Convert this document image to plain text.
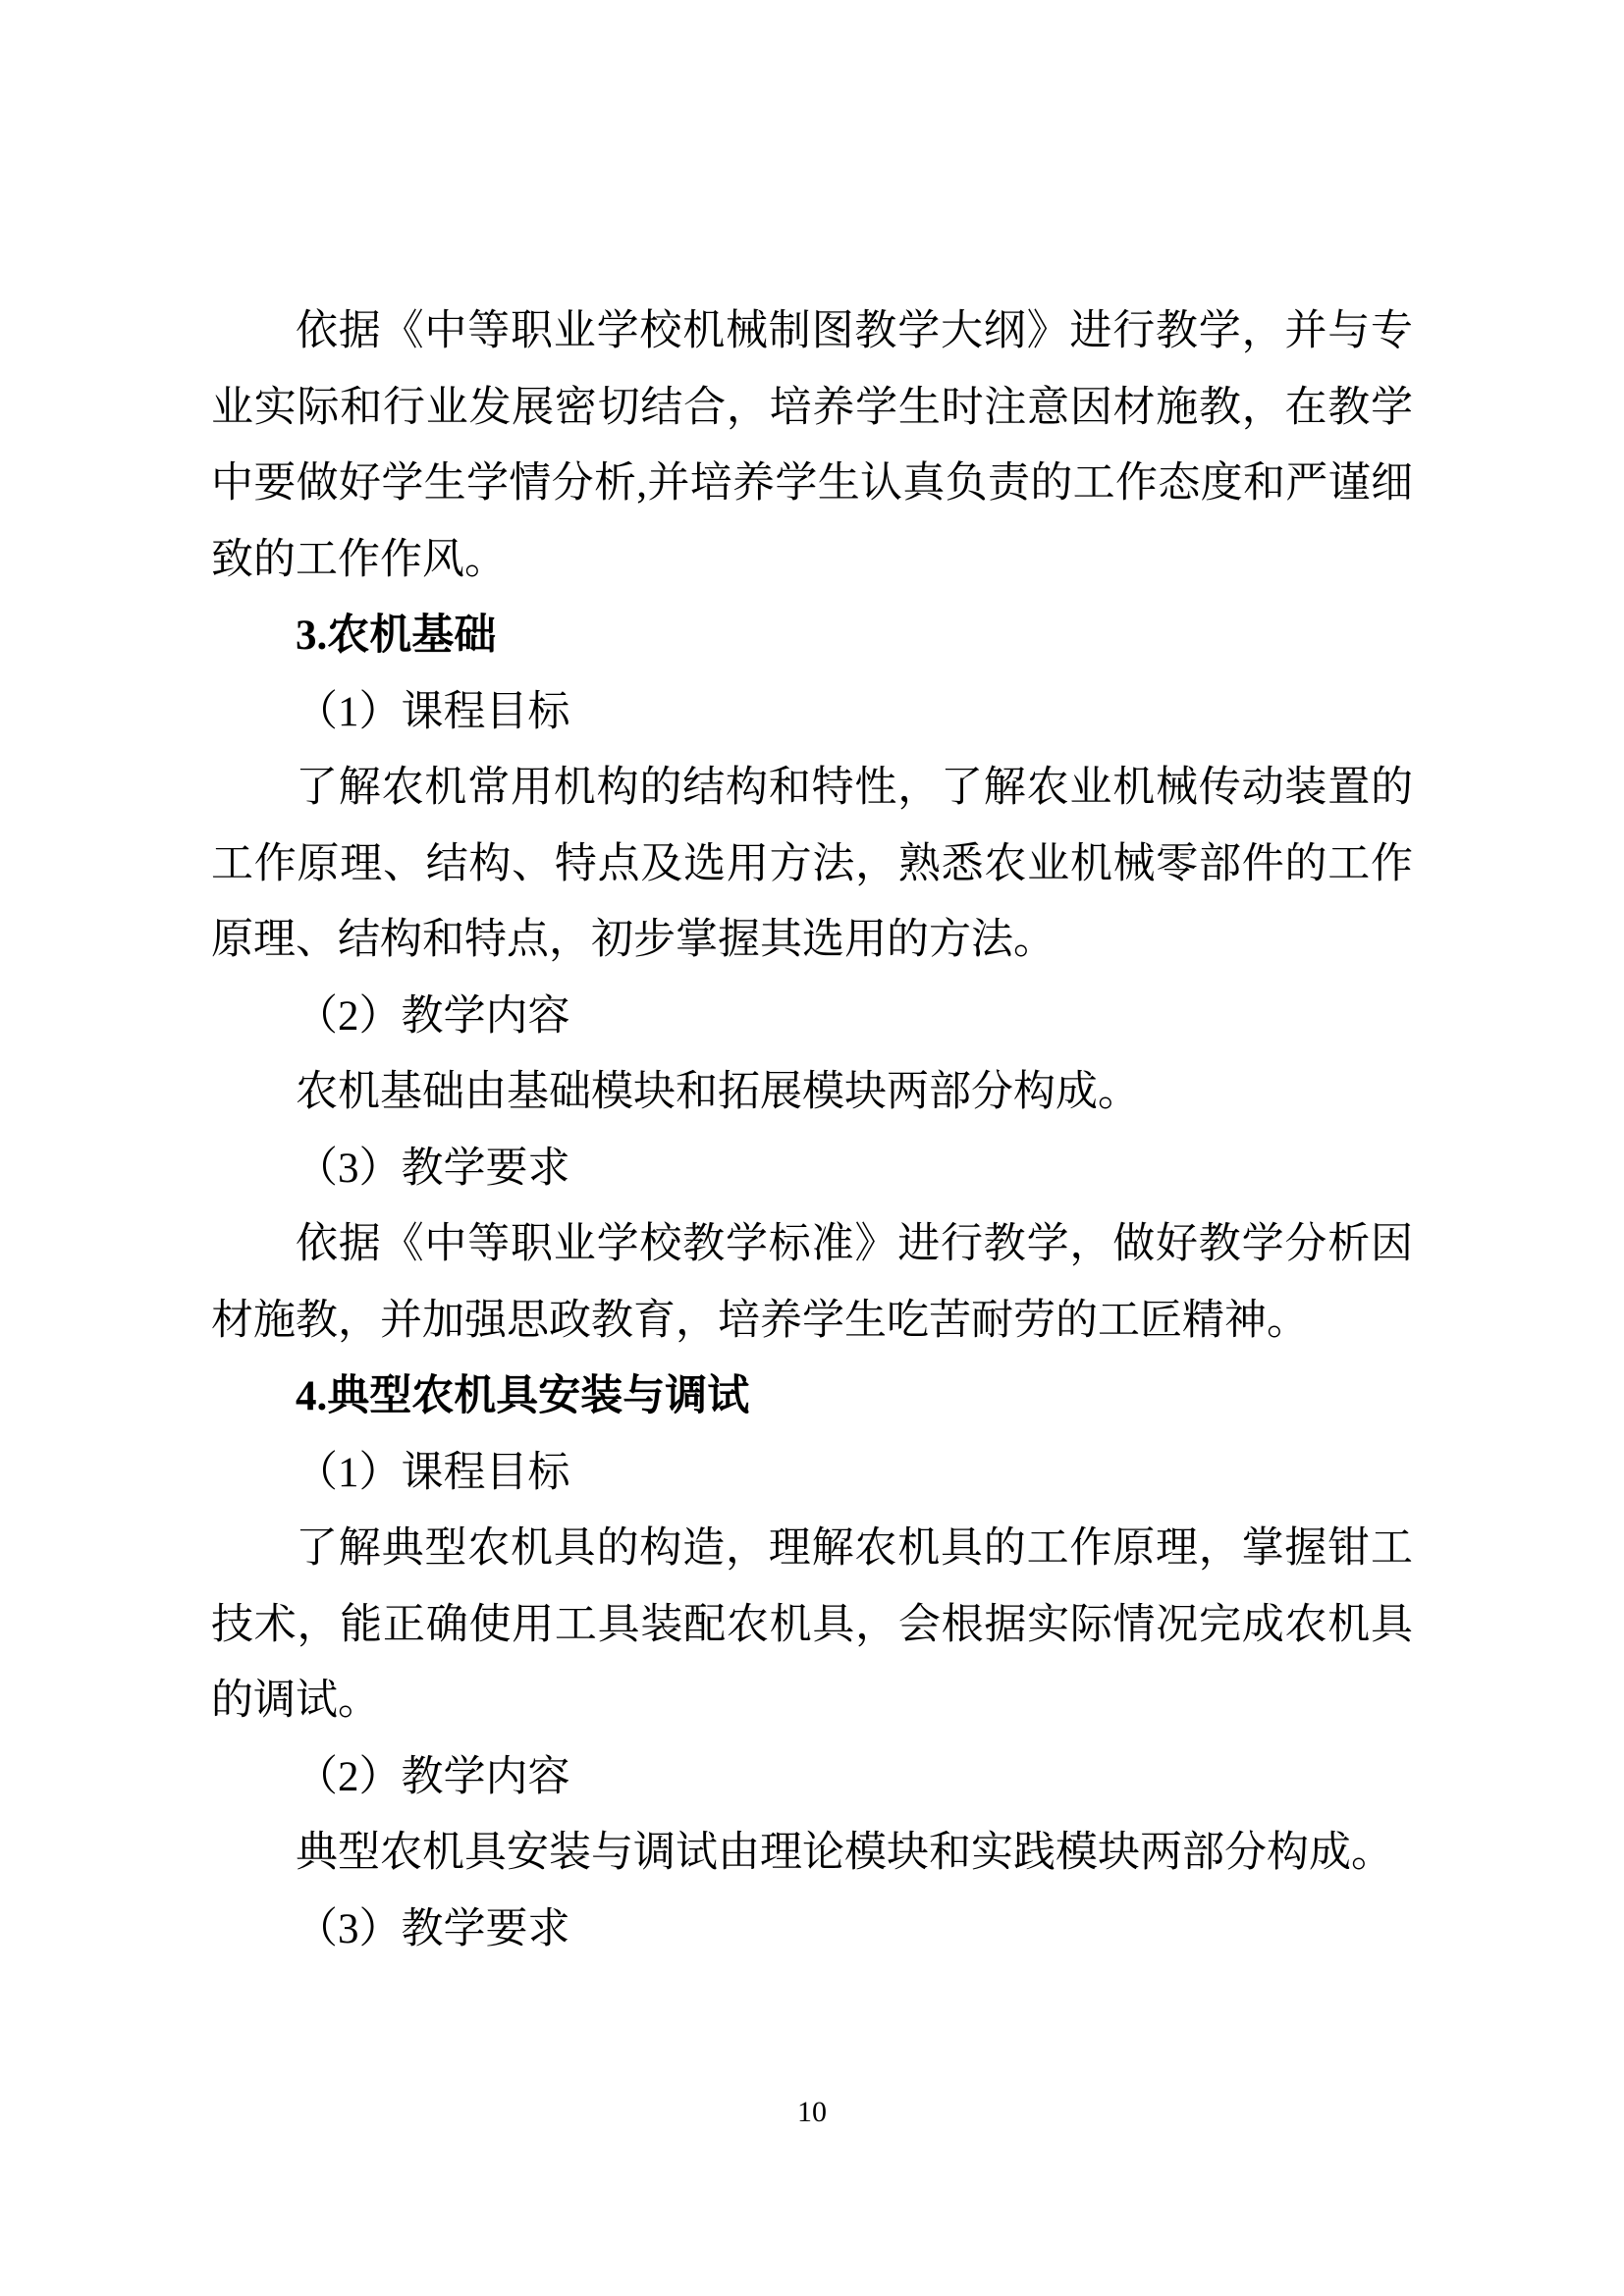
依据《中等职业学校机械制图教学大纲》进行教学，并与专业实际和行业发展密切结合，培养学生时注意因材施教，在教学中要做好学生学情分析,并培养学生认真负责的工作态度和严谨细致的工作作风。

3.农机基础

（1）课程目标

了解农机常用机构的结构和特性，了解农业机械传动装置的工作原理、结构、特点及选用方法，熟悉农业机械零部件的工作原理、结构和特点，初步掌握其选用的方法。

（2）教学内容

农机基础由基础模块和拓展模块两部分构成。

（3）教学要求

依据《中等职业学校教学标准》进行教学，做好教学分析因材施教，并加强思政教育，培养学生吃苦耐劳的工匠精神。

4.典型农机具安装与调试

（1）课程目标

了解典型农机具的构造，理解农机具的工作原理，掌握钳工技术，能正确使用工具装配农机具，会根据实际情况完成农机具的调试。

（2）教学内容

典型农机具安装与调试由理论模块和实践模块两部分构成。

（3）教学要求

10
